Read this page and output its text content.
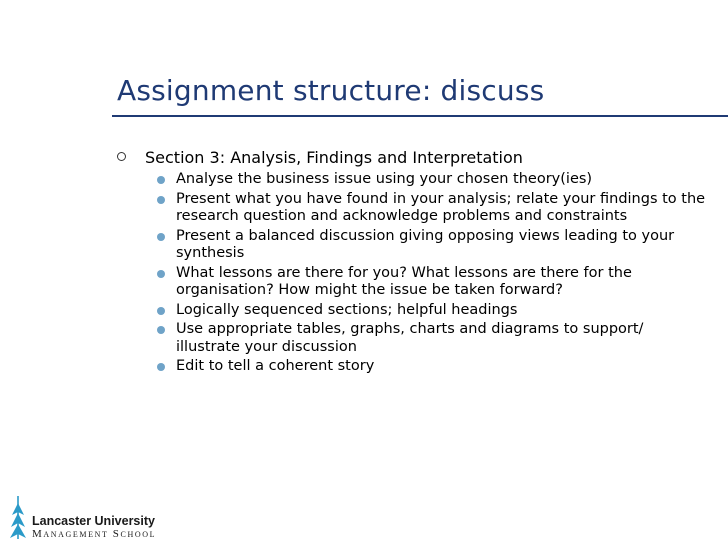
Assignment structure: discuss
Section 3: Analysis, Findings and Interpretation
Analyse the business issue using your chosen theory(ies)
Present what you have found in your analysis; relate your findings to the research question and acknowledge problems and constraints
Present a balanced discussion giving opposing views leading to your synthesis
What lessons are there for you? What lessons are there for the organisation? How might the issue be taken forward?
Logically sequenced sections; helpful headings
Use appropriate tables, graphs, charts and diagrams to support/ illustrate your discussion
Edit to tell a coherent story
Lancaster University
Management School
